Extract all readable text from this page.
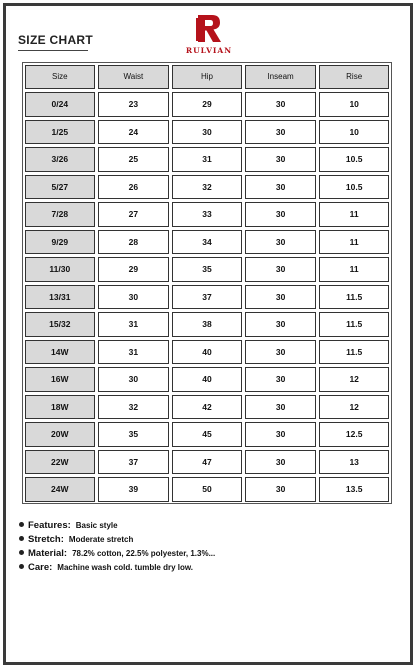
SIZE CHART
RULVIAN
Size	Waist	Hip	Inseam	Rise
0/24	23	29	30	10
1/25	24	30	30	10
3/26	25	31	30	10.5
5/27	26	32	30	10.5
7/28	27	33	30	11
9/29	28	34	30	11
11/30	29	35	30	11
13/31	30	37	30	11.5
15/32	31	38	30	11.5
14W	31	40	30	11.5
16W	30	40	30	12
18W	32	42	30	12
20W	35	45	30	12.5
22W	37	47	30	13
24W	39	50	30	13.5
Features: Basic style
Stretch: Moderate stretch
Material: 78.2% cotton, 22.5% polyester, 1.3%...
Care: Machine wash cold. tumble dry low.
